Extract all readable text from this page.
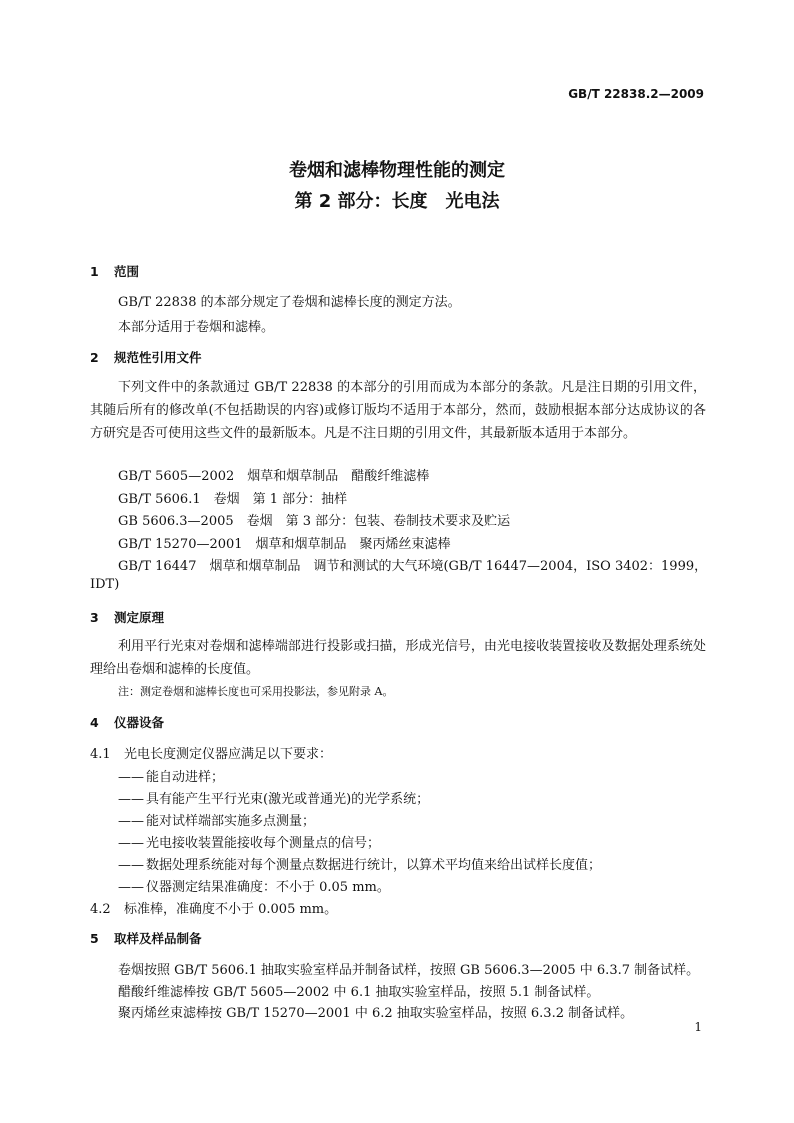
GB/T 22838.2—2009
卷烟和滤棒物理性能的测定
第 2 部分：长度　光电法
1 范围
GB/T 22838 的本部分规定了卷烟和滤棒长度的测定方法。
本部分适用于卷烟和滤棒。
2 规范性引用文件
下列文件中的条款通过 GB/T 22838 的本部分的引用而成为本部分的条款。凡是注日期的引用文件，其随后所有的修改单(不包括勘误的内容)或修订版均不适用于本部分，然而，鼓励根据本部分达成协议的各方研究是否可使用这些文件的最新版本。凡是不注日期的引用文件，其最新版本适用于本部分。
GB/T 5605—2002　烟草和烟草制品　醋酸纤维滤棒
GB/T 5606.1　卷烟　第 1 部分：抽样
GB 5606.3—2005　卷烟　第 3 部分：包装、卷制技术要求及贮运
GB/T 15270—2001　烟草和烟草制品　聚丙烯丝束滤棒
GB/T 16447　烟草和烟草制品　调节和测试的大气环境(GB/T 16447—2004，ISO 3402：1999，
IDT)
3 测定原理
利用平行光束对卷烟和滤棒端部进行投影或扫描，形成光信号，由光电接收装置接收及数据处理系统处理给出卷烟和滤棒的长度值。
注：测定卷烟和滤棒长度也可采用投影法，参见附录 A。
4 仪器设备
4.1 光电长度测定仪器应满足以下要求：
—— 能自动进样；
—— 具有能产生平行光束(激光或普通光)的光学系统；
—— 能对试样端部实施多点测量；
—— 光电接收装置能接收每个测量点的信号；
—— 数据处理系统能对每个测量点数据进行统计，以算术平均值来给出试样长度值；
—— 仪器测定结果准确度：不小于 0.05 mm。
4.2 标准棒，准确度不小于 0.005 mm。
5 取样及样品制备
卷烟按照 GB/T 5606.1 抽取实验室样品并制备试样，按照 GB 5606.3—2005 中 6.3.7 制备试样。
醋酸纤维滤棒按 GB/T 5605—2002 中 6.1 抽取实验室样品，按照 5.1 制备试样。
聚丙烯丝束滤棒按 GB/T 15270—2001 中 6.2 抽取实验室样品，按照 6.3.2 制备试样。
1
